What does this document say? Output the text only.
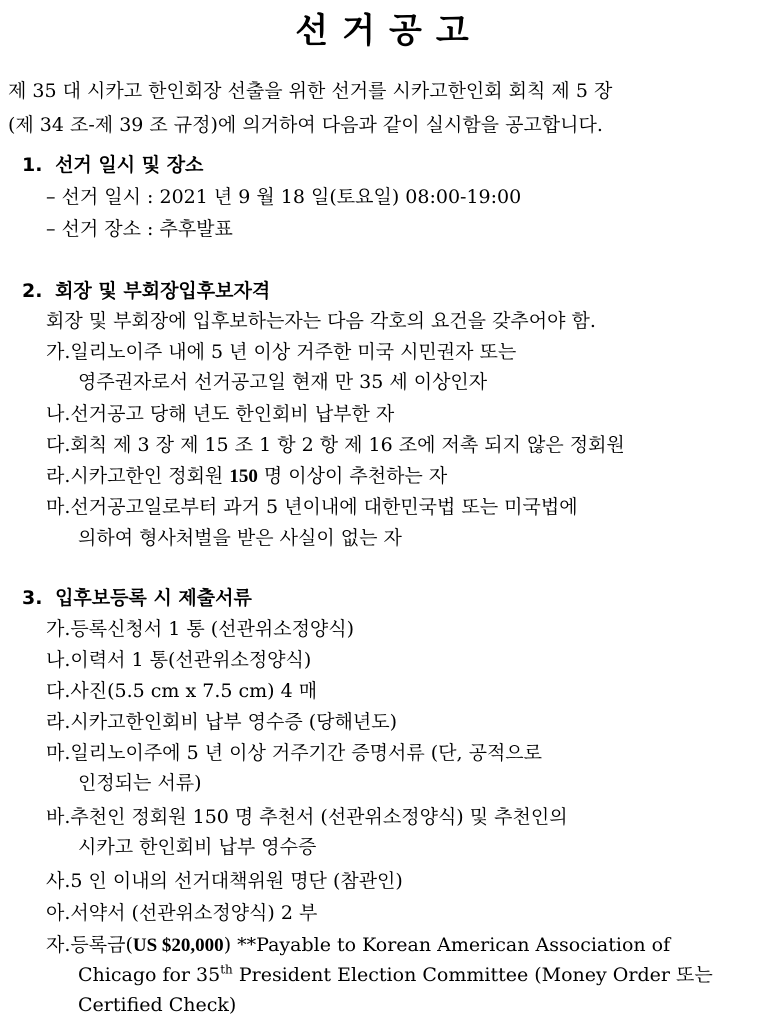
선거공고
제 35 대 시카고 한인회장 선출을 위한 선거를 시카고한인회 회칙 제 5 장
(제 34 조-제 39 조 규정)에 의거하여 다음과 같이 실시함을 공고합니다.
1. 선거 일시 및 장소
– 선거 일시 : 2021 년 9 월 18 일(토요일) 08:00-19:00
– 선거 장소 : 추후발표
2. 회장 및 부회장입후보자격
회장 및 부회장에 입후보하는자는 다음 각호의 요건을 갖추어야 함.
가.일리노이주 내에 5 년 이상 거주한 미국 시민권자 또는
영주권자로서 선거공고일 현재 만 35 세 이상인자
나.선거공고 당해 년도 한인회비 납부한 자
다.회칙 제 3 장 제 15 조 1 항 2 항 제 16 조에 저촉 되지 않은 정회원
라.시카고한인 정회원 150 명 이상이 추천하는 자
마.선거공고일로부터 과거 5 년이내에 대한민국법 또는 미국법에
의하여 형사처벌을 받은 사실이 없는 자
3. 입후보등록 시 제출서류
가.등록신청서 1 통 (선관위소정양식)
나.이력서 1 통(선관위소정양식)
다.사진(5.5 cm x 7.5 cm) 4 매
라.시카고한인회비 납부 영수증 (당해년도)
마.일리노이주에 5 년 이상 거주기간 증명서류 (단, 공적으로
인정되는 서류)
바.추천인 정회원 150 명 추천서 (선관위소정양식) 및 추천인의
시카고 한인회비 납부 영수증
사.5 인 이내의 선거대책위원 명단 (참관인)
아.서약서 (선관위소정양식) 2 부
자.등록금(US $20,000) **Payable to Korean American Association of
Chicago for 35th President Election Committee (Money Order 또는
Certified Check)
